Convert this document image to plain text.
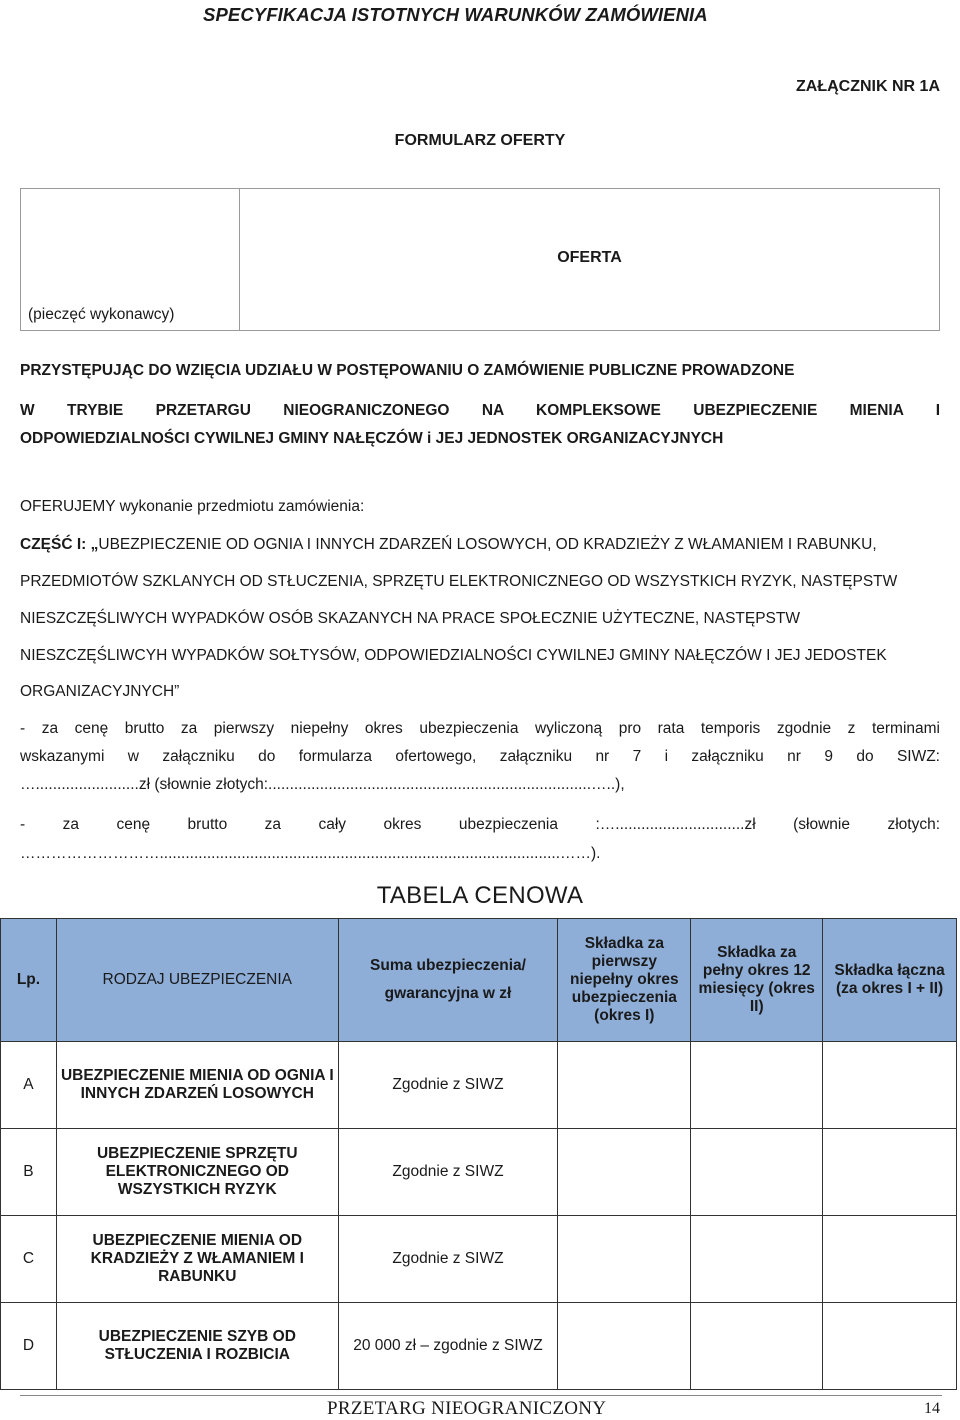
SPECYFIKACJA ISTOTNYCH WARUNKÓW ZAMÓWIENIA
ZAŁĄCZNIK NR 1A
FORMULARZ OFERTY
(pieczęć wykonawcy)
OFERTA
PRZYSTĘPUJĄC DO WZIĘCIA UDZIAŁU W POSTĘPOWANIU O ZAMÓWIENIE PUBLICZNE PROWADZONE
W TRYBIE PRZETARGU NIEOGRANICZONEGO NA KOMPLEKSOWE UBEZPIECZENIE MIENIA I
ODPOWIEDZIALNOŚCI CYWILNEJ GMINY NAŁĘCZÓW i JEJ JEDNOSTEK ORGANIZACYJNYCH
OFERUJEMY wykonanie przedmiotu zamówienia:
CZĘŚĆ I: „UBEZPIECZENIE OD OGNIA I INNYCH ZDARZEŃ LOSOWYCH, OD KRADZIEŻY Z WŁAMANIEM I RABUNKU,
PRZEDMIOTÓW SZKLANYCH OD STŁUCZENIA, SPRZĘTU ELEKTRONICZNEGO OD WSZYSTKICH RYZYK, NASTĘPSTW
NIESZCZĘŚLIWYCH WYPADKÓW OSÓB SKAZANYCH NA PRACE SPOŁECZNIE UŻYTECZNE, NASTĘPSTW
NIESZCZĘŚLIWCYH WYPADKÓW SOŁTYSÓW, ODPOWIEDZIALNOŚCI CYWILNEJ GMINY NAŁĘCZÓW I JEJ JEDOSTEK
ORGANIZACYJNYCH”
- za cenę brutto za pierwszy niepełny okres ubezpieczenia wyliczoną pro rata temporis zgodnie z terminami
wskazanymi w załączniku do formularza ofertowego, załączniku nr 7 i załączniku nr 9 do SIWZ:
…........................zł (słownie złotych:...........................................................................…..),
- za cenę brutto za cały okres ubezpieczenia :…..............................zł (słownie złotych:
……………………….............................................................................................……).
TABELA CENOWA
Lp.	RODZAJ UBEZPIECZENIA	Suma ubezpieczenia/
gwarancyjna w zł	Składka za pierwszy niepełny okres ubezpieczenia (okres I)	Składka za pełny okres 12 miesięcy (okres II)	Składka łączna (za okres I + II)
A	UBEZPIECZENIE MIENIA OD OGNIA I INNYCH ZDARZEŃ LOSOWYCH	Zgodnie z SIWZ			
B	UBEZPIECZENIE SPRZĘTU ELEKTRONICZNEGO OD WSZYSTKICH RYZYK	Zgodnie z SIWZ			
C	UBEZPIECZENIE MIENIA OD KRADZIEŻY Z WŁAMANIEM I RABUNKU	Zgodnie z SIWZ			
D	UBEZPIECZENIE SZYB OD STŁUCZENIA I ROZBICIA	20 000 zł – zgodnie z SIWZ			
PRZETARG NIEOGRANICZONY	14
